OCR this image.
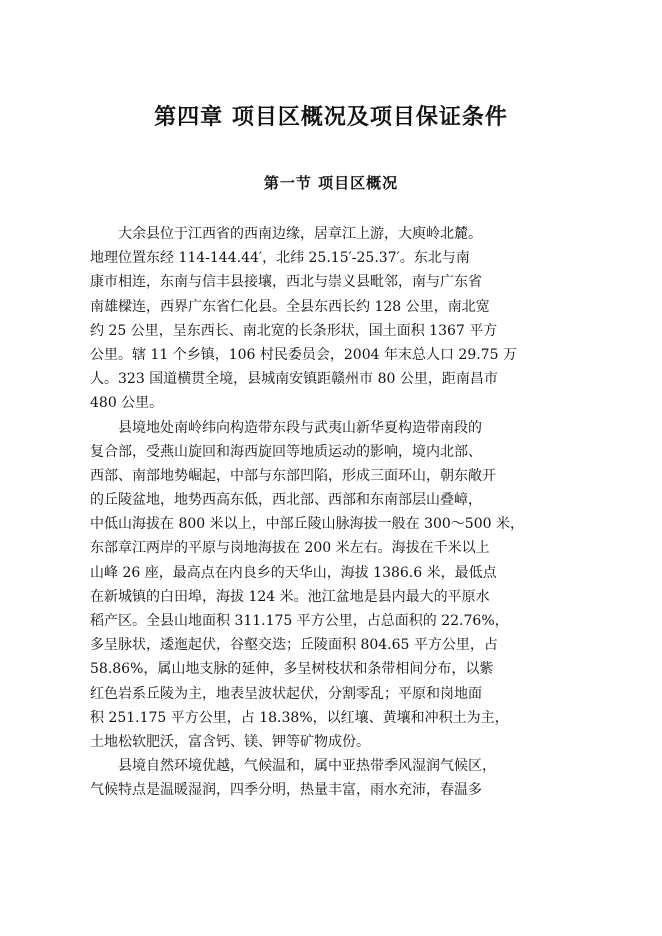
第四章 项目区概况及项目保证条件
第一节 项目区概况
大余县位于江西省的西南边缘，居章江上游，大庾岭北麓。
地理位置东经 114-144.44′，北纬 25.15′-25.37′。东北与南
康市相连，东南与信丰县接壤，西北与崇义县毗邻，南与广东省
南雄樑连，西界广东省仁化县。全县东西长约 128 公里，南北宽
约 25 公里，呈东西长、南北宽的长条形状，国土面积 1367 平方
公里。辖 11 个乡镇，106 村民委员会，2004 年末总人口 29.75 万
人。323 国道横贯全境，县城南安镇距赣州市 80 公里，距南昌市
480 公里。
县境地处南岭纬向构造带东段与武夷山新华夏构造带南段的
复合部，受燕山旋回和海西旋回等地质运动的影响，境内北部、
西部、南部地势崛起，中部与东部凹陷，形成三面环山，朝东敞开
的丘陵盆地，地势西高东低，西北部、西部和东南部层山叠嶂，
中低山海拔在 800 米以上，中部丘陵山脉海拔一般在 300～500 米，
东部章江两岸的平原与岗地海拔在 200 米左右。海拔在千米以上
山峰 26 座，最高点在内良乡的天华山，海拔 1386.6 米，最低点
在新城镇的白田埠，海拔 124 米。池江盆地是县内最大的平原水
稻产区。全县山地面积 311.175 平方公里，占总面积的 22.76%，
多呈脉状，逶迤起伏，谷壑交迭；丘陵面积 804.65 平方公里，占
58.86%，属山地支脉的延伸，多呈树枝状和条带相间分布，以紫
红色岩系丘陵为主，地表呈波状起伏，分割零乱；平原和岗地面
积 251.175 平方公里，占 18.38%，以红壤、黄壤和冲积土为主，
土地松软肥沃，富含钙、镁、钾等矿物成份。
县境自然环境优越，气候温和，属中亚热带季风湿润气候区，
气候特点是温暖湿润，四季分明，热量丰富，雨水充沛，春温多
